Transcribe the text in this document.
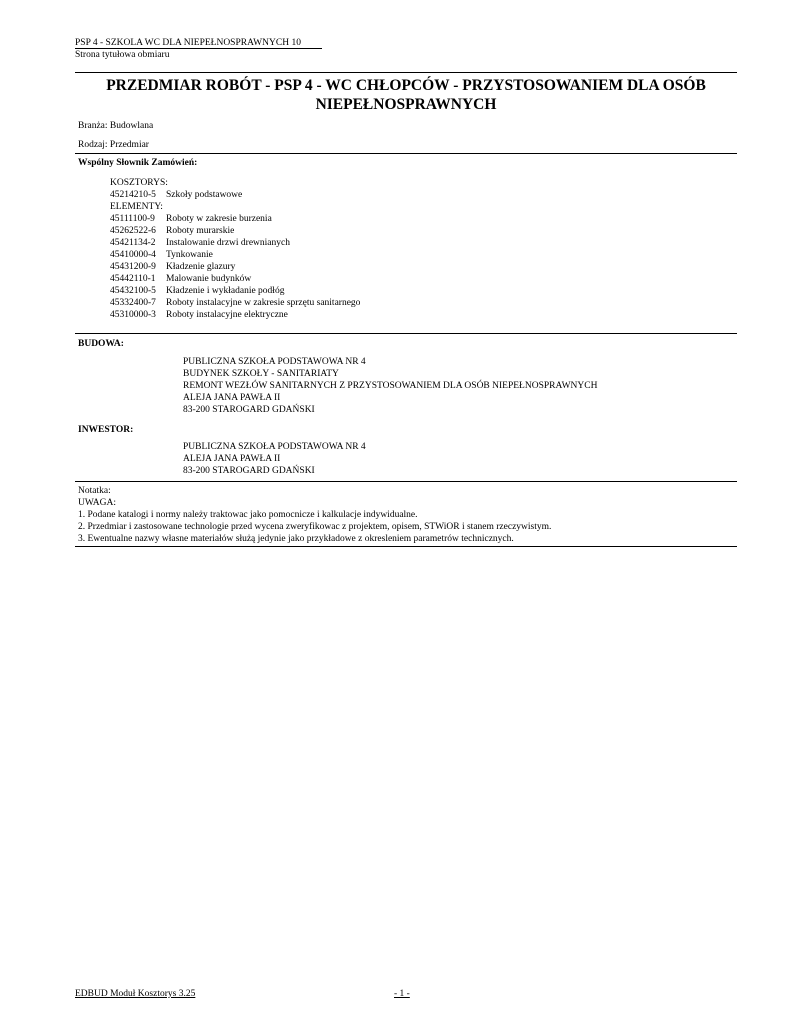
PSP 4 - SZKOLA WC DLA NIEPEŁNOSPRAWNYCH 10
Strona tytułowa obmiaru
PRZEDMIAR ROBÓT - PSP 4 - WC CHŁOPCÓW - PRZYSTOSOWANIEM DLA OSÓB NIEPEŁNOSPRAWNYCH
Branża: Budowlana
Rodzaj: Przedmiar
Wspólny Słownik Zamówień:
KOSZTORYS:
45214210-5	Szkoły podstawowe
ELEMENTY:
45111100-9	Roboty w zakresie burzenia
45262522-6	Roboty murarskie
45421134-2	Instalowanie drzwi drewnianych
45410000-4	Tynkowanie
45431200-9	Kładzenie glazury
45442110-1	Malowanie budynków
45432100-5	Kładzenie i wykładanie podłóg
45332400-7	Roboty instalacyjne w zakresie sprzętu sanitarnego
45310000-3	Roboty instalacyjne elektryczne
BUDOWA:
PUBLICZNA SZKOŁA PODSTAWOWA NR 4
BUDYNEK SZKOŁY - SANITARIATY
REMONT WEZŁÓW SANITARNYCH Z PRZYSTOSOWANIEM DLA OSÓB NIEPEŁNOSPRAWNYCH
ALEJA JANA PAWŁA II
83-200 STAROGARD GDAŃSKI
INWESTOR:
PUBLICZNA SZKOŁA PODSTAWOWA NR 4
ALEJA JANA PAWŁA II
83-200 STAROGARD GDAŃSKI
Notatka:
UWAGA:
1. Podane katalogi i normy należy traktowac jako pomocnicze i kalkulacje indywidualne.
2. Przedmiar i zastosowane technologie przed wycena zweryfikowac z projektem, opisem, STWiOR i stanem rzeczywistym.
3. Ewentualne nazwy własne materiałów służą jedynie jako przykładowe z okresleniem parametrów technicznych.
EDBUD Moduł Kosztorys 3.25	- 1 -
